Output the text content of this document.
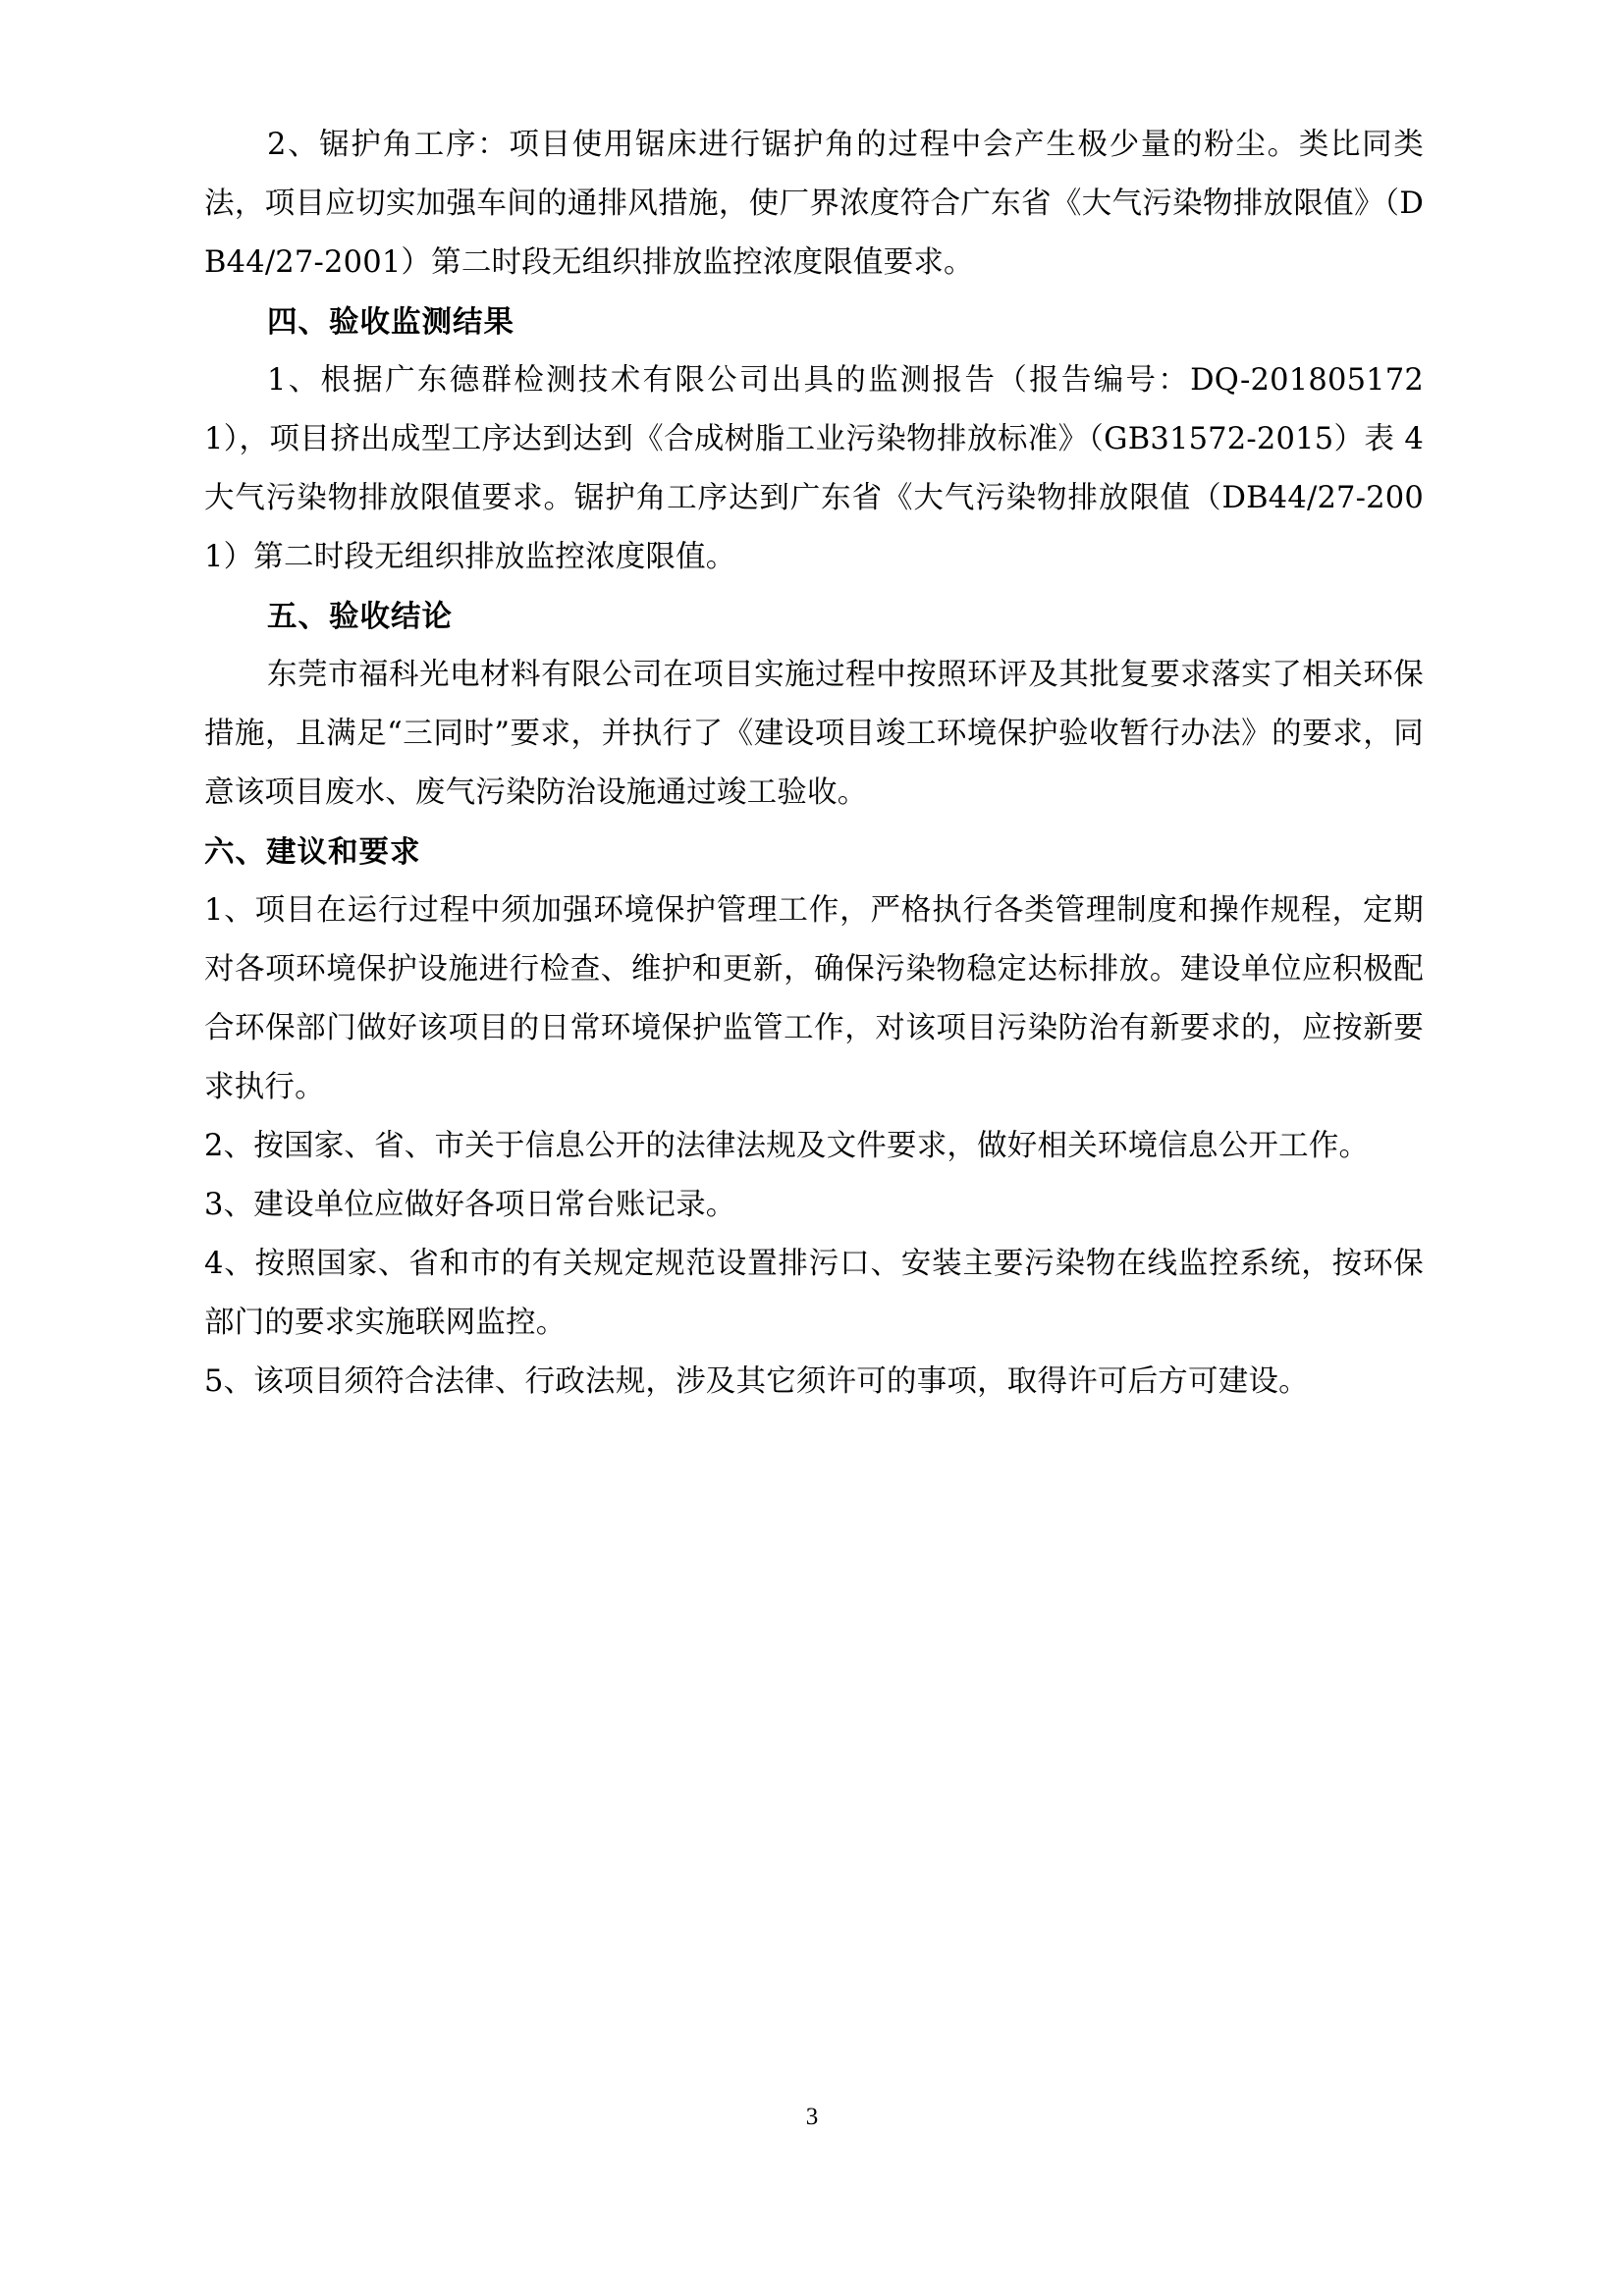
2、锯护角工序：项目使用锯床进行锯护角的过程中会产生极少量的粉尘。类比同类法，项目应切实加强车间的通排风措施，使厂界浓度符合广东省《大气污染物排放限值》（DB44/27-2001）第二时段无组织排放监控浓度限值要求。

四、验收监测结果

1、根据广东德群检测技术有限公司出具的监测报告（报告编号：DQ-2018051721），项目挤出成型工序达到达到《合成树脂工业污染物排放标准》（GB31572-2015）表 4 大气污染物排放限值要求。锯护角工序达到广东省《大气污染物排放限值（DB44/27-2001）第二时段无组织排放监控浓度限值。

五、验收结论

东莞市福科光电材料有限公司在项目实施过程中按照环评及其批复要求落实了相关环保措施，且满足“三同时”要求，并执行了《建设项目竣工环境保护验收暂行办法》的要求，同意该项目废水、废气污染防治设施通过竣工验收。

六、建议和要求

1、项目在运行过程中须加强环境保护管理工作，严格执行各类管理制度和操作规程，定期对各项环境保护设施进行检查、维护和更新，确保污染物稳定达标排放。建设单位应积极配合环保部门做好该项目的日常环境保护监管工作，对该项目污染防治有新要求的，应按新要求执行。

2、按国家、省、市关于信息公开的法律法规及文件要求，做好相关环境信息公开工作。

3、建设单位应做好各项日常台账记录。

4、按照国家、省和市的有关规定规范设置排污口、安装主要污染物在线监控系统，按环保部门的要求实施联网监控。

5、该项目须符合法律、行政法规，涉及其它须许可的事项，取得许可后方可建设。

3
